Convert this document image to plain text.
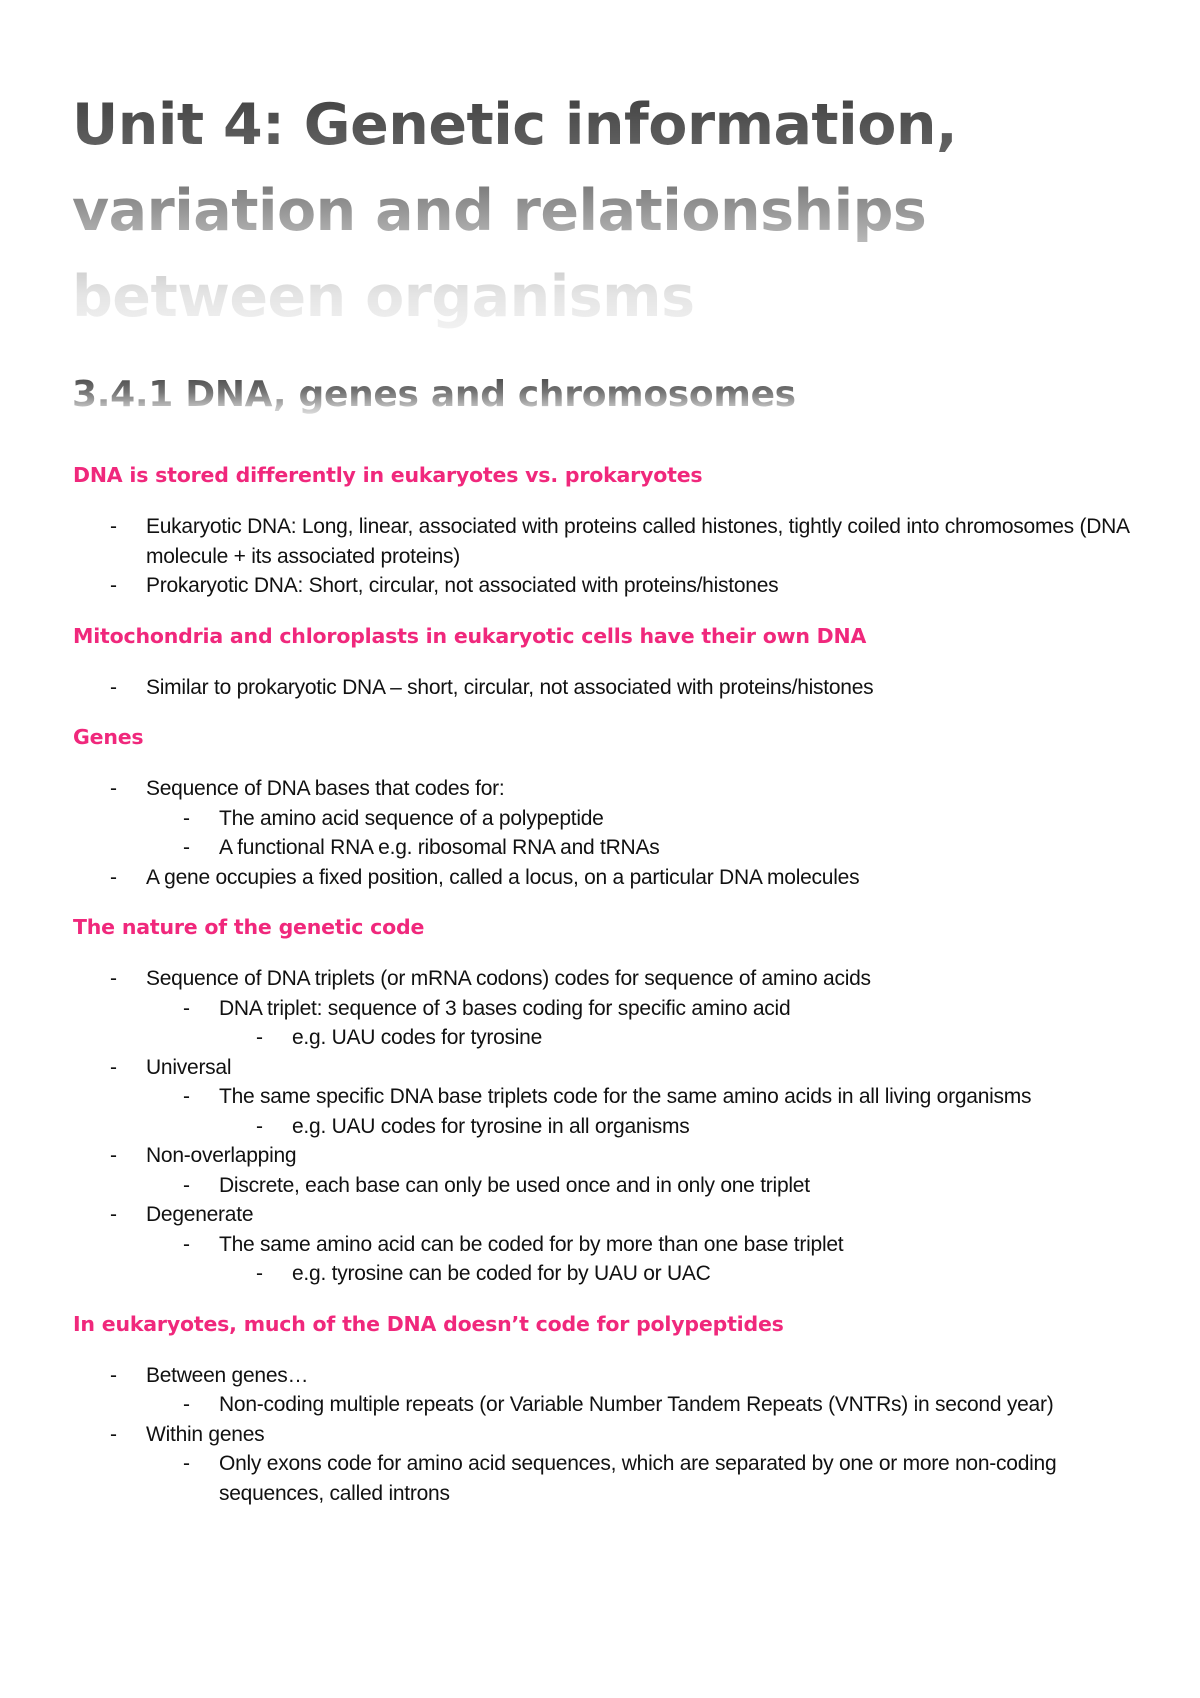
Unit 4: Genetic information, variation and relationships between organisms
3.4.1 DNA, genes and chromosomes
DNA is stored differently in eukaryotes vs. prokaryotes
- Eukaryotic DNA: Long, linear, associated with proteins called histones, tightly coiled into chromosomes (DNA molecule + its associated proteins)
- Prokaryotic DNA: Short, circular, not associated with proteins/histones
Mitochondria and chloroplasts in eukaryotic cells have their own DNA
- Similar to prokaryotic DNA – short, circular, not associated with proteins/histones
Genes
- Sequence of DNA bases that codes for:
- The amino acid sequence of a polypeptide
- A functional RNA e.g. ribosomal RNA and tRNAs
- A gene occupies a fixed position, called a locus, on a particular DNA molecules
The nature of the genetic code
- Sequence of DNA triplets (or mRNA codons) codes for sequence of amino acids
- DNA triplet: sequence of 3 bases coding for specific amino acid
- e.g. UAU codes for tyrosine
- Universal
- The same specific DNA base triplets code for the same amino acids in all living organisms
- e.g. UAU codes for tyrosine in all organisms
- Non-overlapping
- Discrete, each base can only be used once and in only one triplet
- Degenerate
- The same amino acid can be coded for by more than one base triplet
- e.g. tyrosine can be coded for by UAU or UAC
In eukaryotes, much of the DNA doesn’t code for polypeptides
- Between genes…
- Non-coding multiple repeats (or Variable Number Tandem Repeats (VNTRs) in second year)
- Within genes
- Only exons code for amino acid sequences, which are separated by one or more non-coding sequences, called introns
